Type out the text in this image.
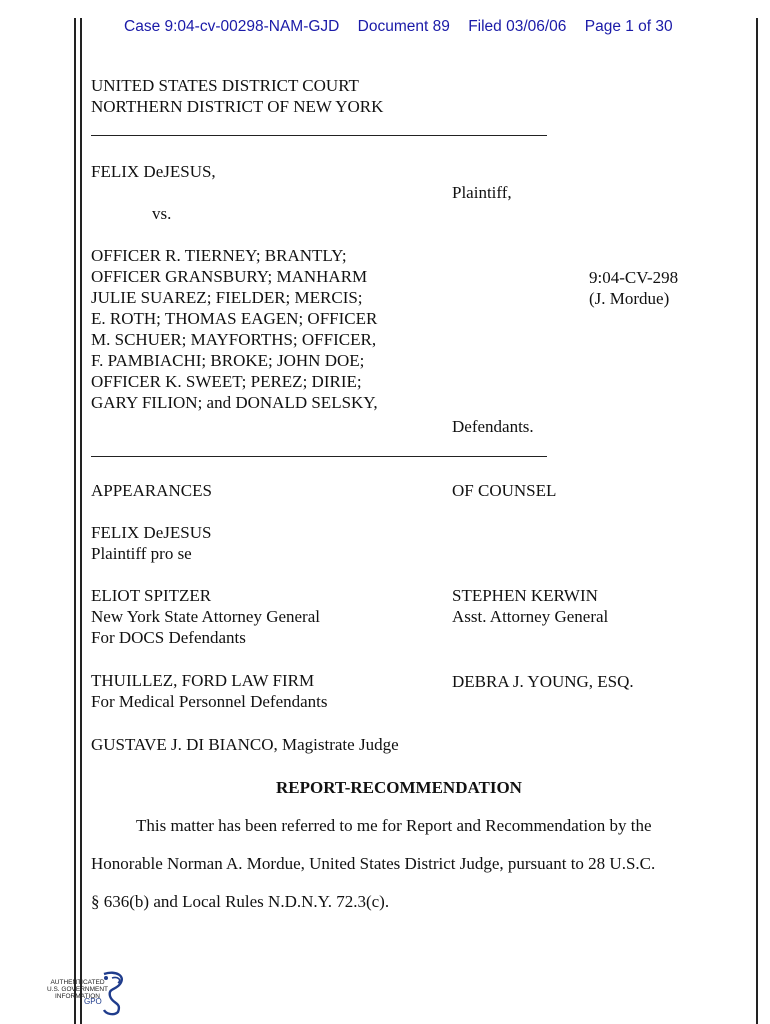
Case 9:04-cv-00298-NAM-GJD Document 89 Filed 03/06/06 Page 1 of 30
UNITED STATES DISTRICT COURT
NORTHERN DISTRICT OF NEW YORK
FELIX DeJESUS,
Plaintiff,
vs.
OFFICER R. TIERNEY; BRANTLY;
OFFICER GRANSBURY; MANHARM
JULIE SUAREZ; FIELDER; MERCIS;
E. ROTH; THOMAS EAGEN; OFFICER
M. SCHUER; MAYFORTHS; OFFICER,
F. PAMBIACHI; BROKE; JOHN DOE;
OFFICER K. SWEET; PEREZ; DIRIE;
GARY FILION; and DONALD SELSKY,
9:04-CV-298
(J. Mordue)
Defendants.
APPEARANCES	OF COUNSEL
FELIX DeJESUS
Plaintiff pro se
ELIOT SPITZER
New York State Attorney General
For DOCS Defendants
STEPHEN KERWIN
Asst. Attorney General
THUILLEZ, FORD LAW FIRM
For Medical Personnel Defendants
DEBRA J. YOUNG, ESQ.
GUSTAVE J. DI BIANCO, Magistrate Judge
REPORT-RECOMMENDATION
This matter has been referred to me for Report and Recommendation by the
Honorable Norman A. Mordue, United States District Judge, pursuant to 28 U.S.C.
§ 636(b) and Local Rules N.D.N.Y. 72.3(c).
AUTHENTICATED
U.S. GOVERNMENT
INFORMATION
GPO
